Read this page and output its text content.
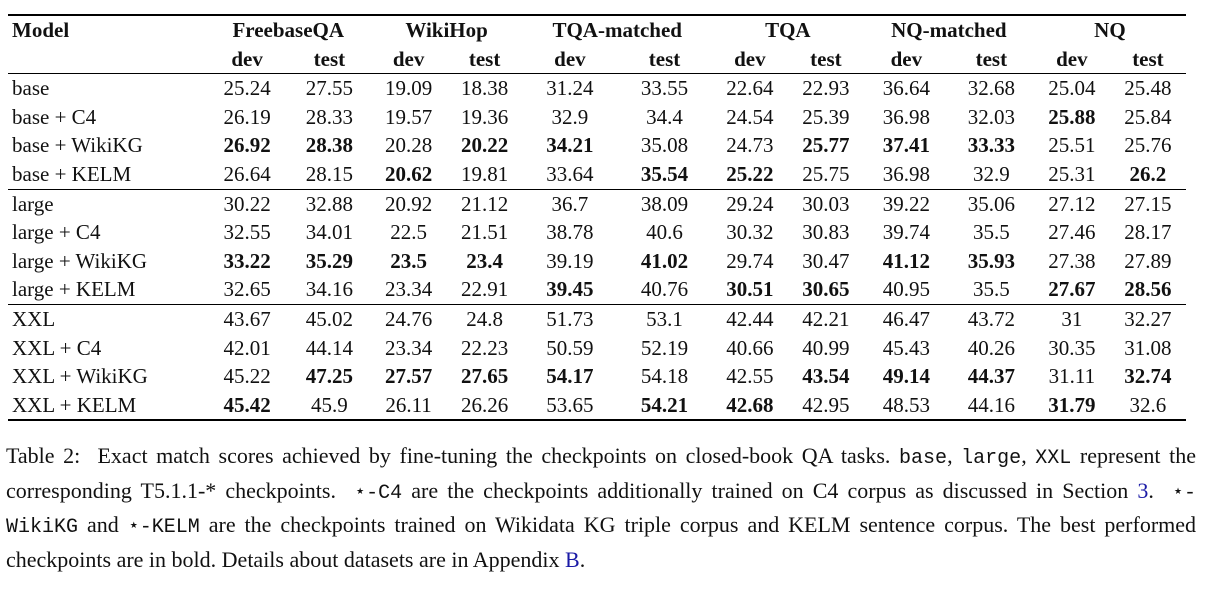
Model	FreebaseQA		WikiHop		TQA-matched		TQA		NQ-matched		NQ	
	dev	test	dev	test	dev	test	dev	test	dev	test	dev	test
base	25.24	27.55	19.09	18.38	31.24	33.55	22.64	22.93	36.64	32.68	25.04	25.48
base + C4	26.19	28.33	19.57	19.36	32.9	34.4	24.54	25.39	36.98	32.03	25.88	25.84
base + WikiKG	26.92	28.38	20.28	20.22	34.21	35.08	24.73	25.77	37.41	33.33	25.51	25.76
base + KELM	26.64	28.15	20.62	19.81	33.64	35.54	25.22	25.75	36.98	32.9	25.31	26.2
large	30.22	32.88	20.92	21.12	36.7	38.09	29.24	30.03	39.22	35.06	27.12	27.15
large + C4	32.55	34.01	22.5	21.51	38.78	40.6	30.32	30.83	39.74	35.5	27.46	28.17
large + WikiKG	33.22	35.29	23.5	23.4	39.19	41.02	29.74	30.47	41.12	35.93	27.38	27.89
large + KELM	32.65	34.16	23.34	22.91	39.45	40.76	30.51	30.65	40.95	35.5	27.67	28.56
XXL	43.67	45.02	24.76	24.8	51.73	53.1	42.44	42.21	46.47	43.72	31	32.27
XXL + C4	42.01	44.14	23.34	22.23	50.59	52.19	40.66	40.99	45.43	40.26	30.35	31.08
XXL + WikiKG	45.22	47.25	27.57	27.65	54.17	54.18	42.55	43.54	49.14	44.37	31.11	32.74
XXL + KELM	45.42	45.9	26.11	26.26	53.65	54.21	42.68	42.95	48.53	44.16	31.79	32.6
Table 2: Exact match scores achieved by fine-tuning the checkpoints on closed-book QA tasks. base, large, XXL represent the corresponding T5.1.1-* checkpoints. ⋆-C4 are the checkpoints additionally trained on C4 corpus as discussed in Section 3. ⋆-WikiKG and ⋆-KELM are the checkpoints trained on Wikidata KG triple corpus and KELM sentence corpus. The best performed checkpoints are in bold. Details about datasets are in Appendix B.
